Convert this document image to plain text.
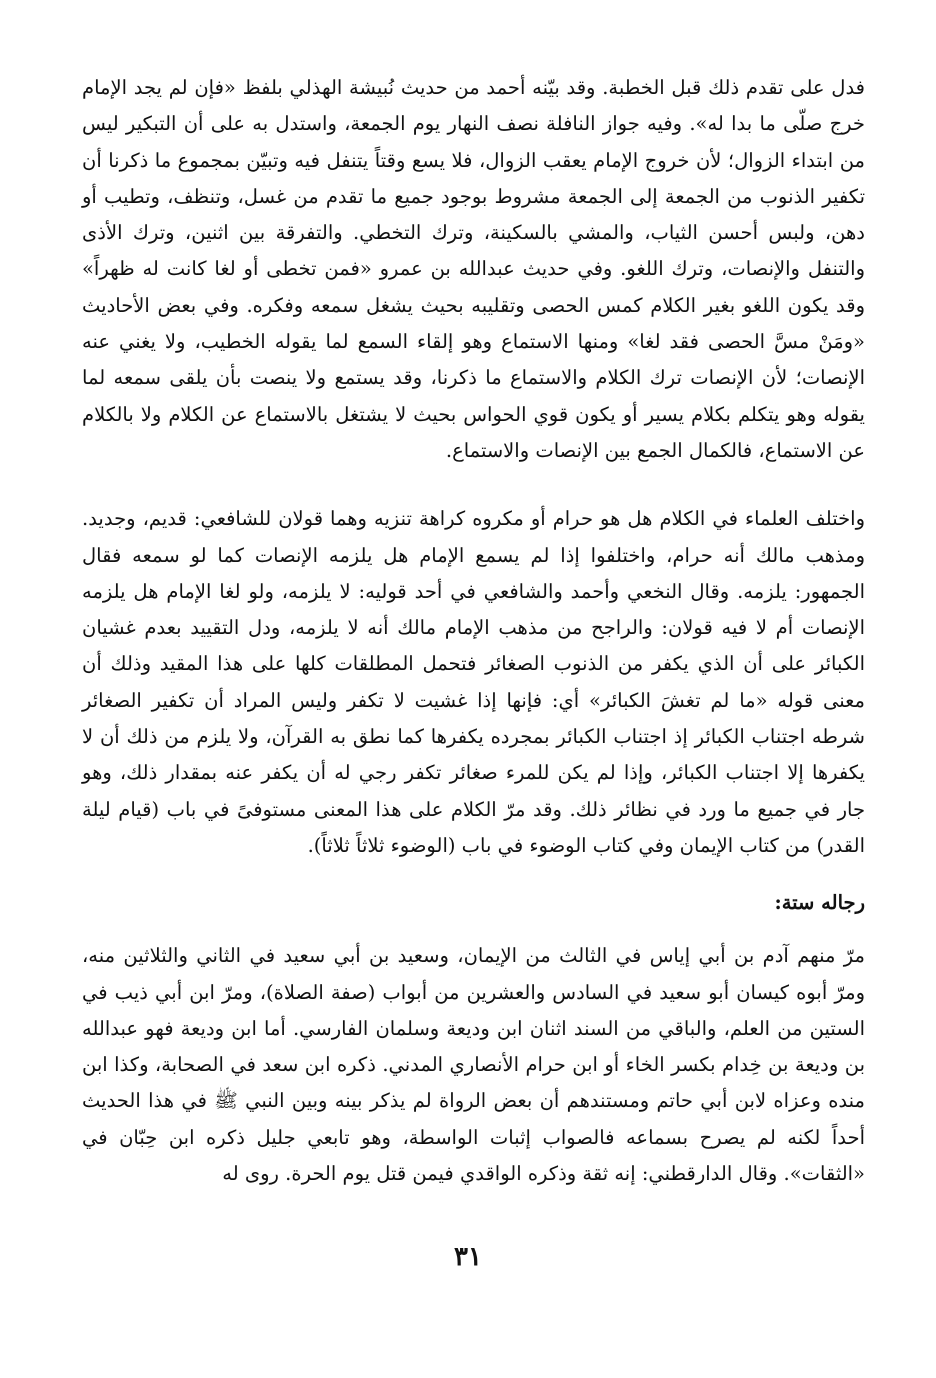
فدل على تقدم ذلك قبل الخطبة. وقد بيّنه أحمد من حديث نُبيشة الهذلي بلفظ «فإن لم يجد الإمام خرج صلّى ما بدا له». وفيه جواز النافلة نصف النهار يوم الجمعة، واستدل به على أن التبكير ليس من ابتداء الزوال؛ لأن خروج الإمام يعقب الزوال، فلا يسع وقتاً يتنفل فيه وتبيّن بمجموع ما ذكرنا أن تكفير الذنوب من الجمعة إلى الجمعة مشروط بوجود جميع ما تقدم من غسل، وتنظف، وتطيب أو دهن، ولبس أحسن الثياب، والمشي بالسكينة، وترك التخطي. والتفرقة بين اثنين، وترك الأذى والتنفل والإنصات، وترك اللغو. وفي حديث عبدالله بن عمرو «فمن تخطى أو لغا كانت له ظهراً» وقد يكون اللغو بغير الكلام كمس الحصى وتقليبه بحيث يشغل سمعه وفكره. وفي بعض الأحاديث «ومَنْ مسَّ الحصى فقد لغا» ومنها الاستماع وهو إلقاء السمع لما يقوله الخطيب، ولا يغني عنه الإنصات؛ لأن الإنصات ترك الكلام والاستماع ما ذكرنا، وقد يستمع ولا ينصت بأن يلقى سمعه لما يقوله وهو يتكلم بكلام يسير أو يكون قوي الحواس بحيث لا يشتغل بالاستماع عن الكلام ولا بالكلام عن الاستماع، فالكمال الجمع بين الإنصات والاستماع.

واختلف العلماء في الكلام هل هو حرام أو مكروه كراهة تنزيه وهما قولان للشافعي: قديم، وجديد. ومذهب مالك أنه حرام، واختلفوا إذا لم يسمع الإمام هل يلزمه الإنصات كما لو سمعه فقال الجمهور: يلزمه. وقال النخعي وأحمد والشافعي في أحد قوليه: لا يلزمه، ولو لغا الإمام هل يلزمه الإنصات أم لا فيه قولان: والراجح من مذهب الإمام مالك أنه لا يلزمه، ودل التقييد بعدم غشيان الكبائر على أن الذي يكفر من الذنوب الصغائر فتحمل المطلقات كلها على هذا المقيد وذلك أن معنى قوله «ما لم تغشَ الكبائر» أي: فإنها إذا غشيت لا تكفر وليس المراد أن تكفير الصغائر شرطه اجتناب الكبائر إذ اجتناب الكبائر بمجرده يكفرها كما نطق به القرآن، ولا يلزم من ذلك أن لا يكفرها إلا اجتناب الكبائر، وإذا لم يكن للمرء صغائر تكفر رجي له أن يكفر عنه بمقدار ذلك، وهو جار في جميع ما ورد في نظائر ذلك. وقد مرّ الكلام على هذا المعنى مستوفىً في باب (قيام ليلة القدر) من كتاب الإيمان وفي كتاب الوضوء في باب (الوضوء ثلاثاً ثلاثاً).

رجاله ستة:

مرّ منهم آدم بن أبي إياس في الثالث من الإيمان، وسعيد بن أبي سعيد في الثاني والثلاثين منه، ومرّ أبوه كيسان أبو سعيد في السادس والعشرين من أبواب (صفة الصلاة)، ومرّ ابن أبي ذيب في الستين من العلم، والباقي من السند اثنان ابن وديعة وسلمان الفارسي. أما ابن وديعة فهو عبدالله بن وديعة بن خِدام بكسر الخاء أو ابن حرام الأنصاري المدني. ذكره ابن سعد في الصحابة، وكذا ابن منده وعزاه لابن أبي حاتم ومستندهم أن بعض الرواة لم يذكر بينه وبين النبي ﷺ في هذا الحديث أحداً لكنه لم يصرح بسماعه فالصواب إثبات الواسطة، وهو تابعي جليل ذكره ابن حِبّان في «الثقات». وقال الدارقطني: إنه ثقة وذكره الواقدي فيمن قتل يوم الحرة. روى له

٣١
